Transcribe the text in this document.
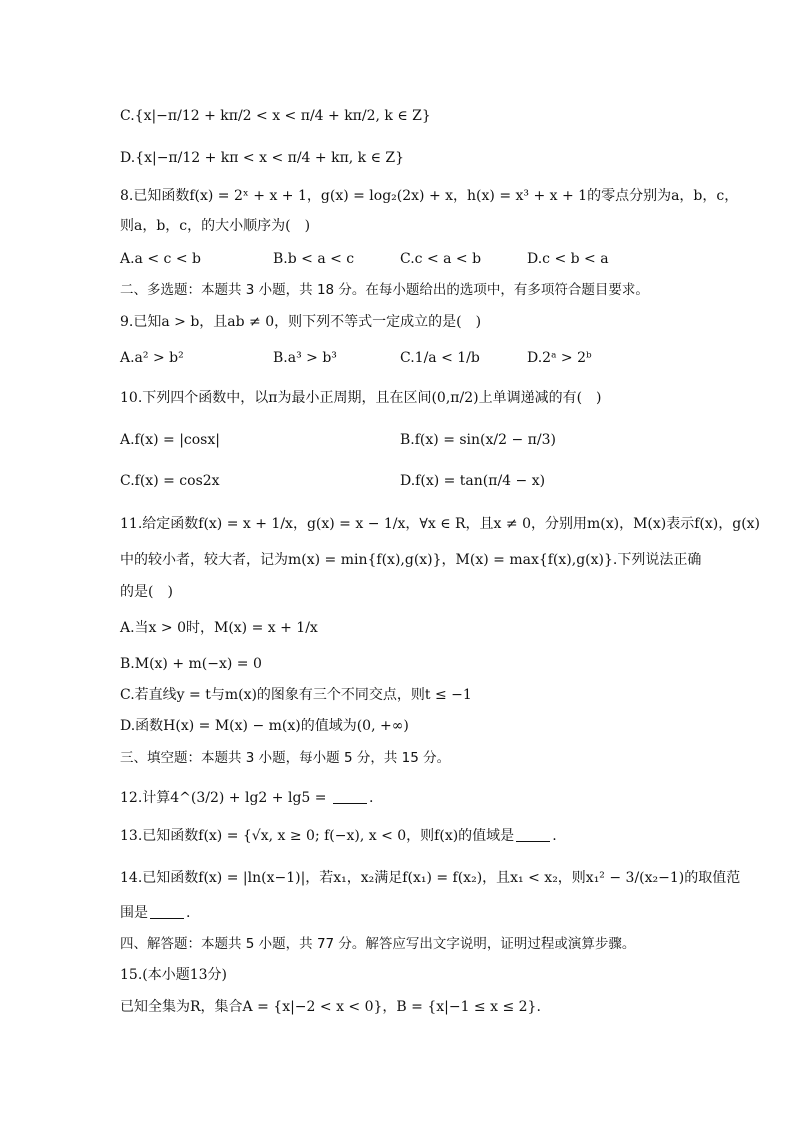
C.{x|−π/12 + kπ/2 < x < π/4 + kπ/2, k ∈ Z}
D.{x|−π/12 + kπ < x < π/4 + kπ, k ∈ Z}
8.已知函数f(x) = 2ˣ + x + 1，g(x) = log₂(2x) + x，h(x) = x³ + x + 1的零点分别为a，b，c，
则a，b，c，的大小顺序为(　)
A.a < c < b	B.b < a < c	C.c < a < b	D.c < b < a
二、多选题：本题共 3 小题，共 18 分。在每小题给出的选项中，有多项符合题目要求。
9.已知a > b，且ab ≠ 0，则下列不等式一定成立的是(　)
A.a² > b²	B.a³ > b³	C.1/a < 1/b	D.2ᵃ > 2ᵇ
10.下列四个函数中，以π为最小正周期，且在区间(0,π/2)上单调递减的有(　)
A.f(x) = |cosx|	B.f(x) = sin(x/2 − π/3)
C.f(x) = cos2x	D.f(x) = tan(π/4 − x)
11.给定函数f(x) = x + 1/x，g(x) = x − 1/x，∀x ∈ R，且x ≠ 0，分别用m(x)，M(x)表示f(x)，g(x)
中的较小者，较大者，记为m(x) = min{f(x),g(x)}，M(x) = max{f(x),g(x)}.下列说法正确
的是(　)
A.当x > 0时，M(x) = x + 1/x
B.M(x) + m(−x) = 0
C.若直线y = t与m(x)的图象有三个不同交点，则t ≤ −1
D.函数H(x) = M(x) − m(x)的值域为(0, +∞)
三、填空题：本题共 3 小题，每小题 5 分，共 15 分。
12.计算4^(3/2) + lg2 + lg5 =	.
13.已知函数f(x) = {√x, x ≥ 0; f(−x), x < 0，则f(x)的值域是	.
14.已知函数f(x) = |ln(x−1)|，若x₁，x₂满足f(x₁) = f(x₂)，且x₁ < x₂，则x₁² − 3/(x₂−1)的取值范
围是	.
四、解答题：本题共 5 小题，共 77 分。解答应写出文字说明，证明过程或演算步骤。
15.(本小题13分)
已知全集为R，集合A = {x|−2 < x < 0}，B = {x|−1 ≤ x ≤ 2}.
